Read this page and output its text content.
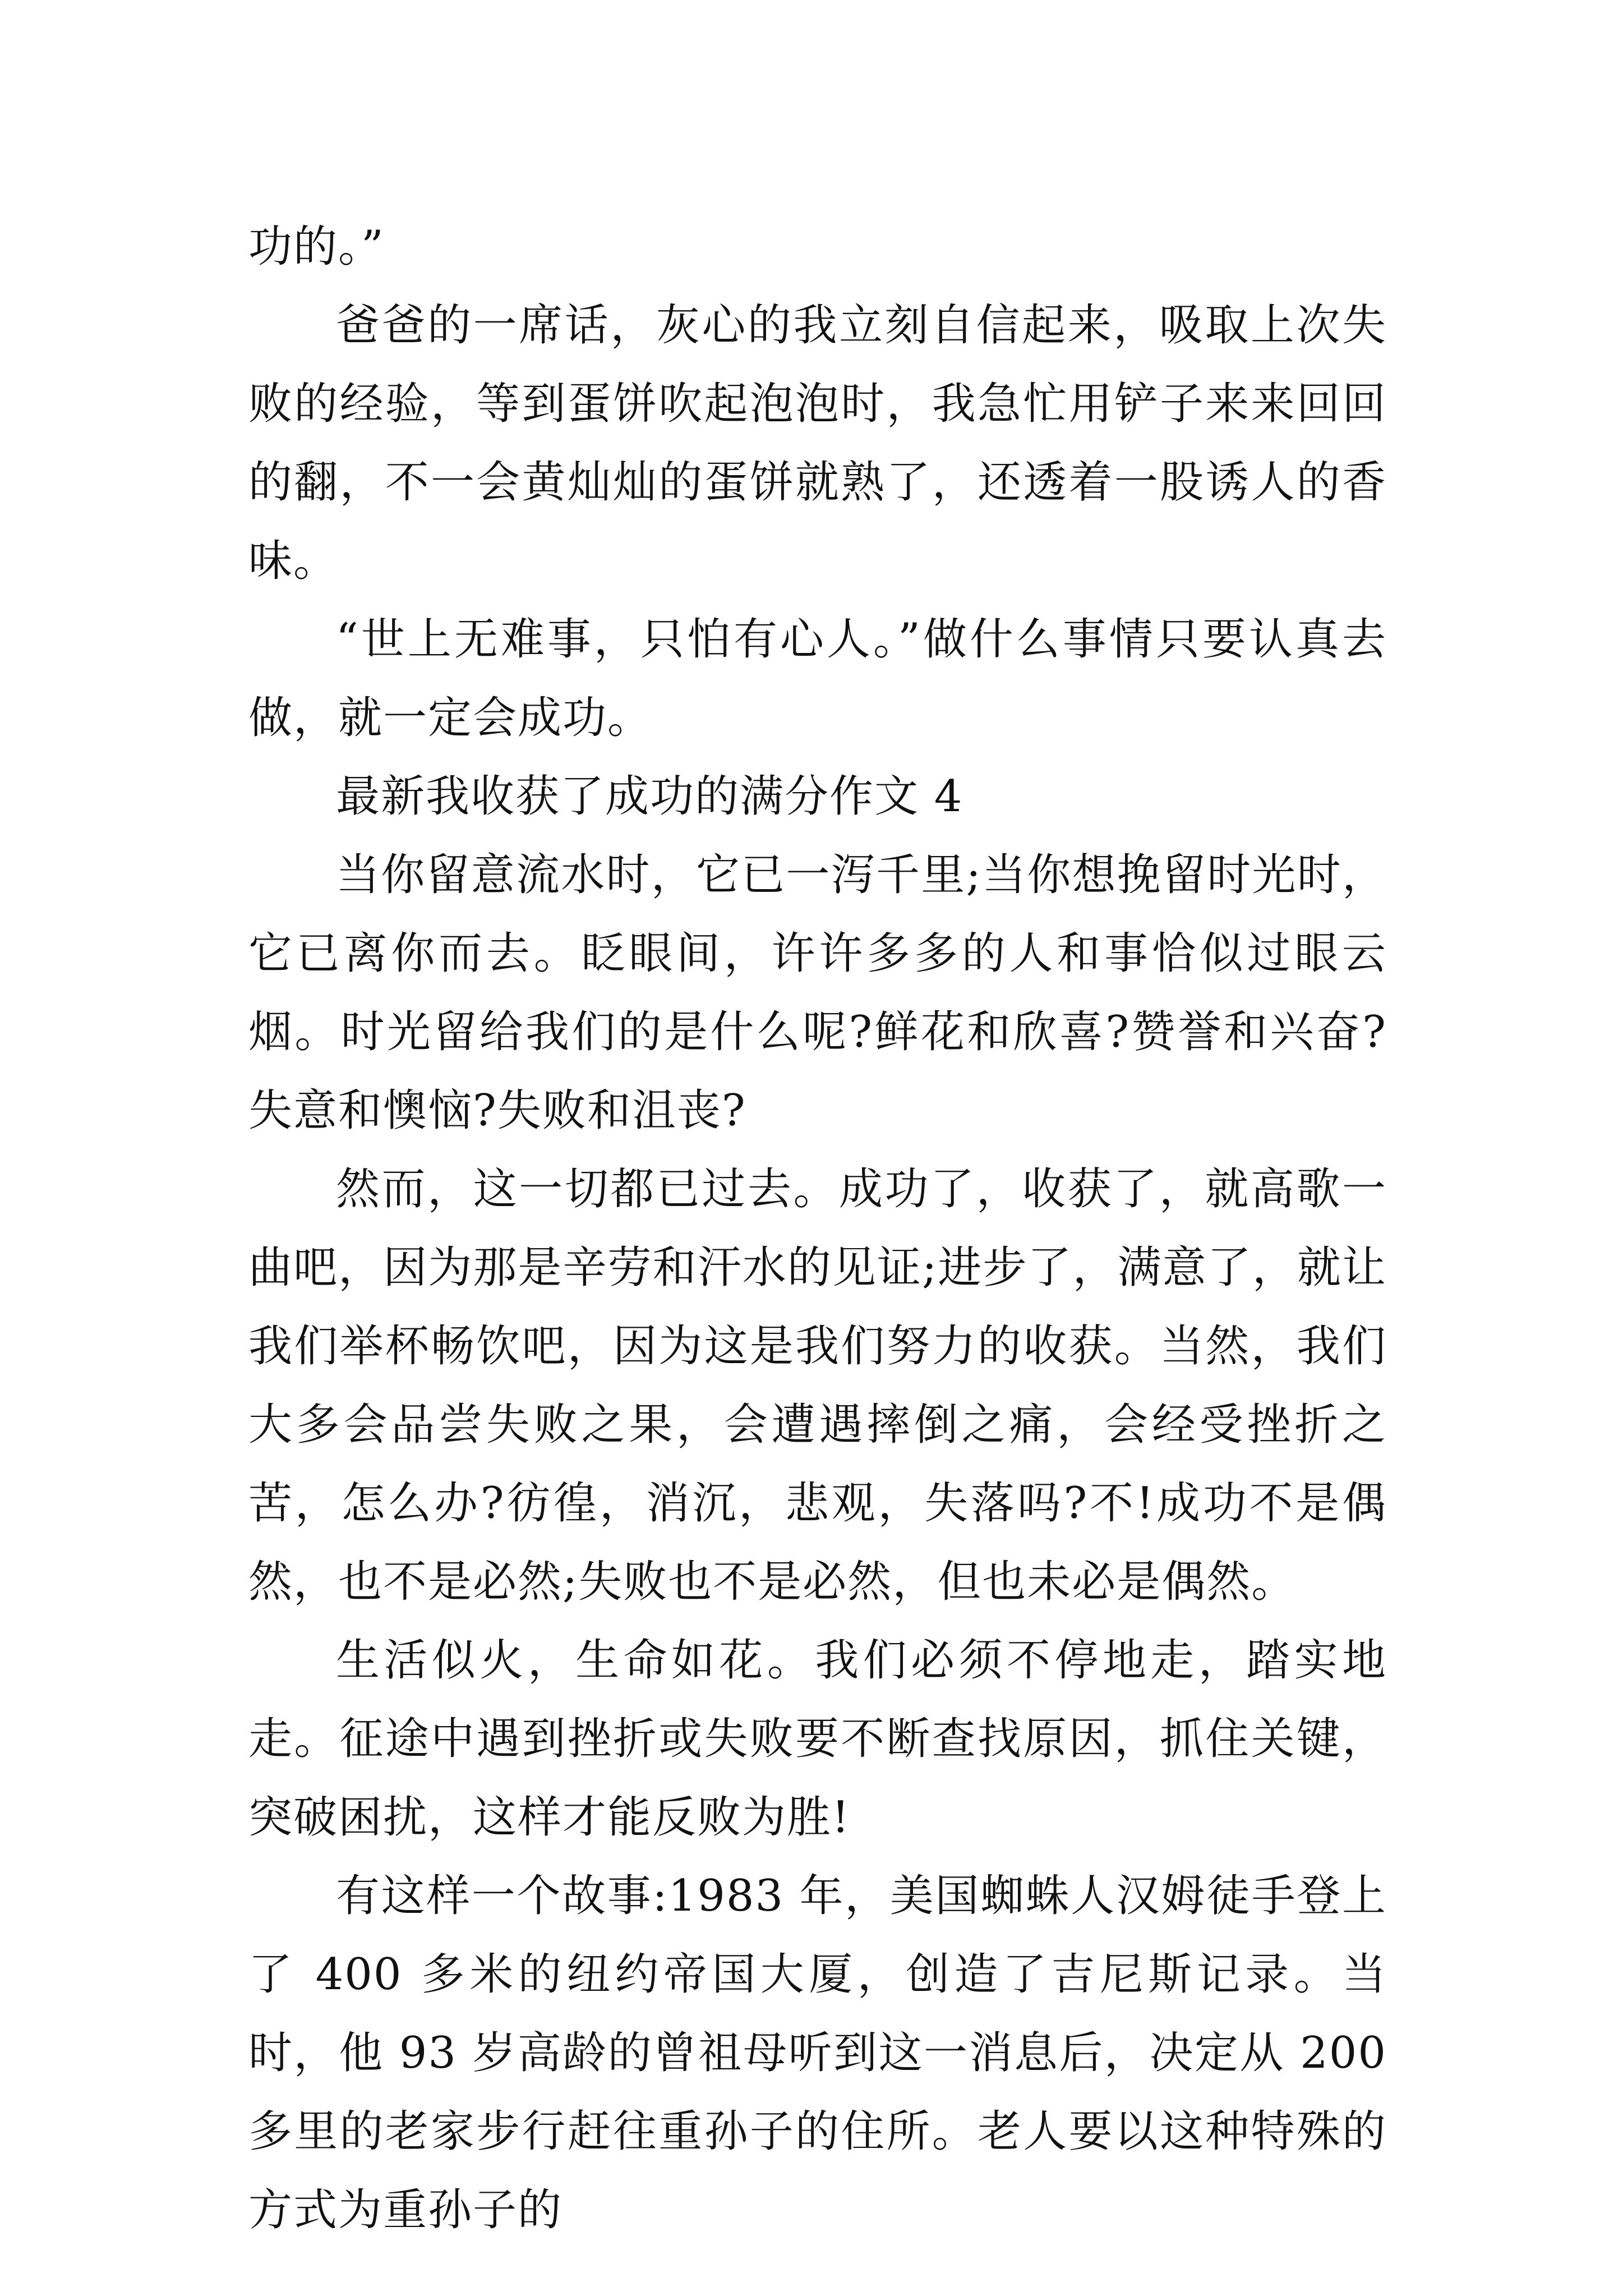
功的。”

爸爸的一席话，灰心的我立刻自信起来，吸取上次失败的经验，等到蛋饼吹起泡泡时，我急忙用铲子来来回回的翻，不一会黄灿灿的蛋饼就熟了，还透着一股诱人的香味。

“世上无难事，只怕有心人。”做什么事情只要认真去做，就一定会成功。

最新我收获了成功的满分作文 4

当你留意流水时，它已一泻千里;当你想挽留时光时，它已离你而去。眨眼间，许许多多的人和事恰似过眼云烟。时光留给我们的是什么呢?鲜花和欣喜?赞誉和兴奋?失意和懊恼?失败和沮丧?

然而，这一切都已过去。成功了，收获了，就高歌一曲吧，因为那是辛劳和汗水的见证;进步了，满意了，就让我们举杯畅饮吧，因为这是我们努力的收获。当然，我们大多会品尝失败之果，会遭遇摔倒之痛，会经受挫折之苦，怎么办?彷徨，消沉，悲观，失落吗?不!成功不是偶然，也不是必然;失败也不是必然，但也未必是偶然。

生活似火，生命如花。我们必须不停地走，踏实地走。征途中遇到挫折或失败要不断查找原因，抓住关键，突破困扰，这样才能反败为胜!

有这样一个故事:1983 年，美国蜘蛛人汉姆徒手登上了 400 多米的纽约帝国大厦，创造了吉尼斯记录。当时，他 93 岁高龄的曾祖母听到这一消息后，决定从 200 多里的老家步行赶往重孙子的住所。老人要以这种特殊的方式为重孙子的
